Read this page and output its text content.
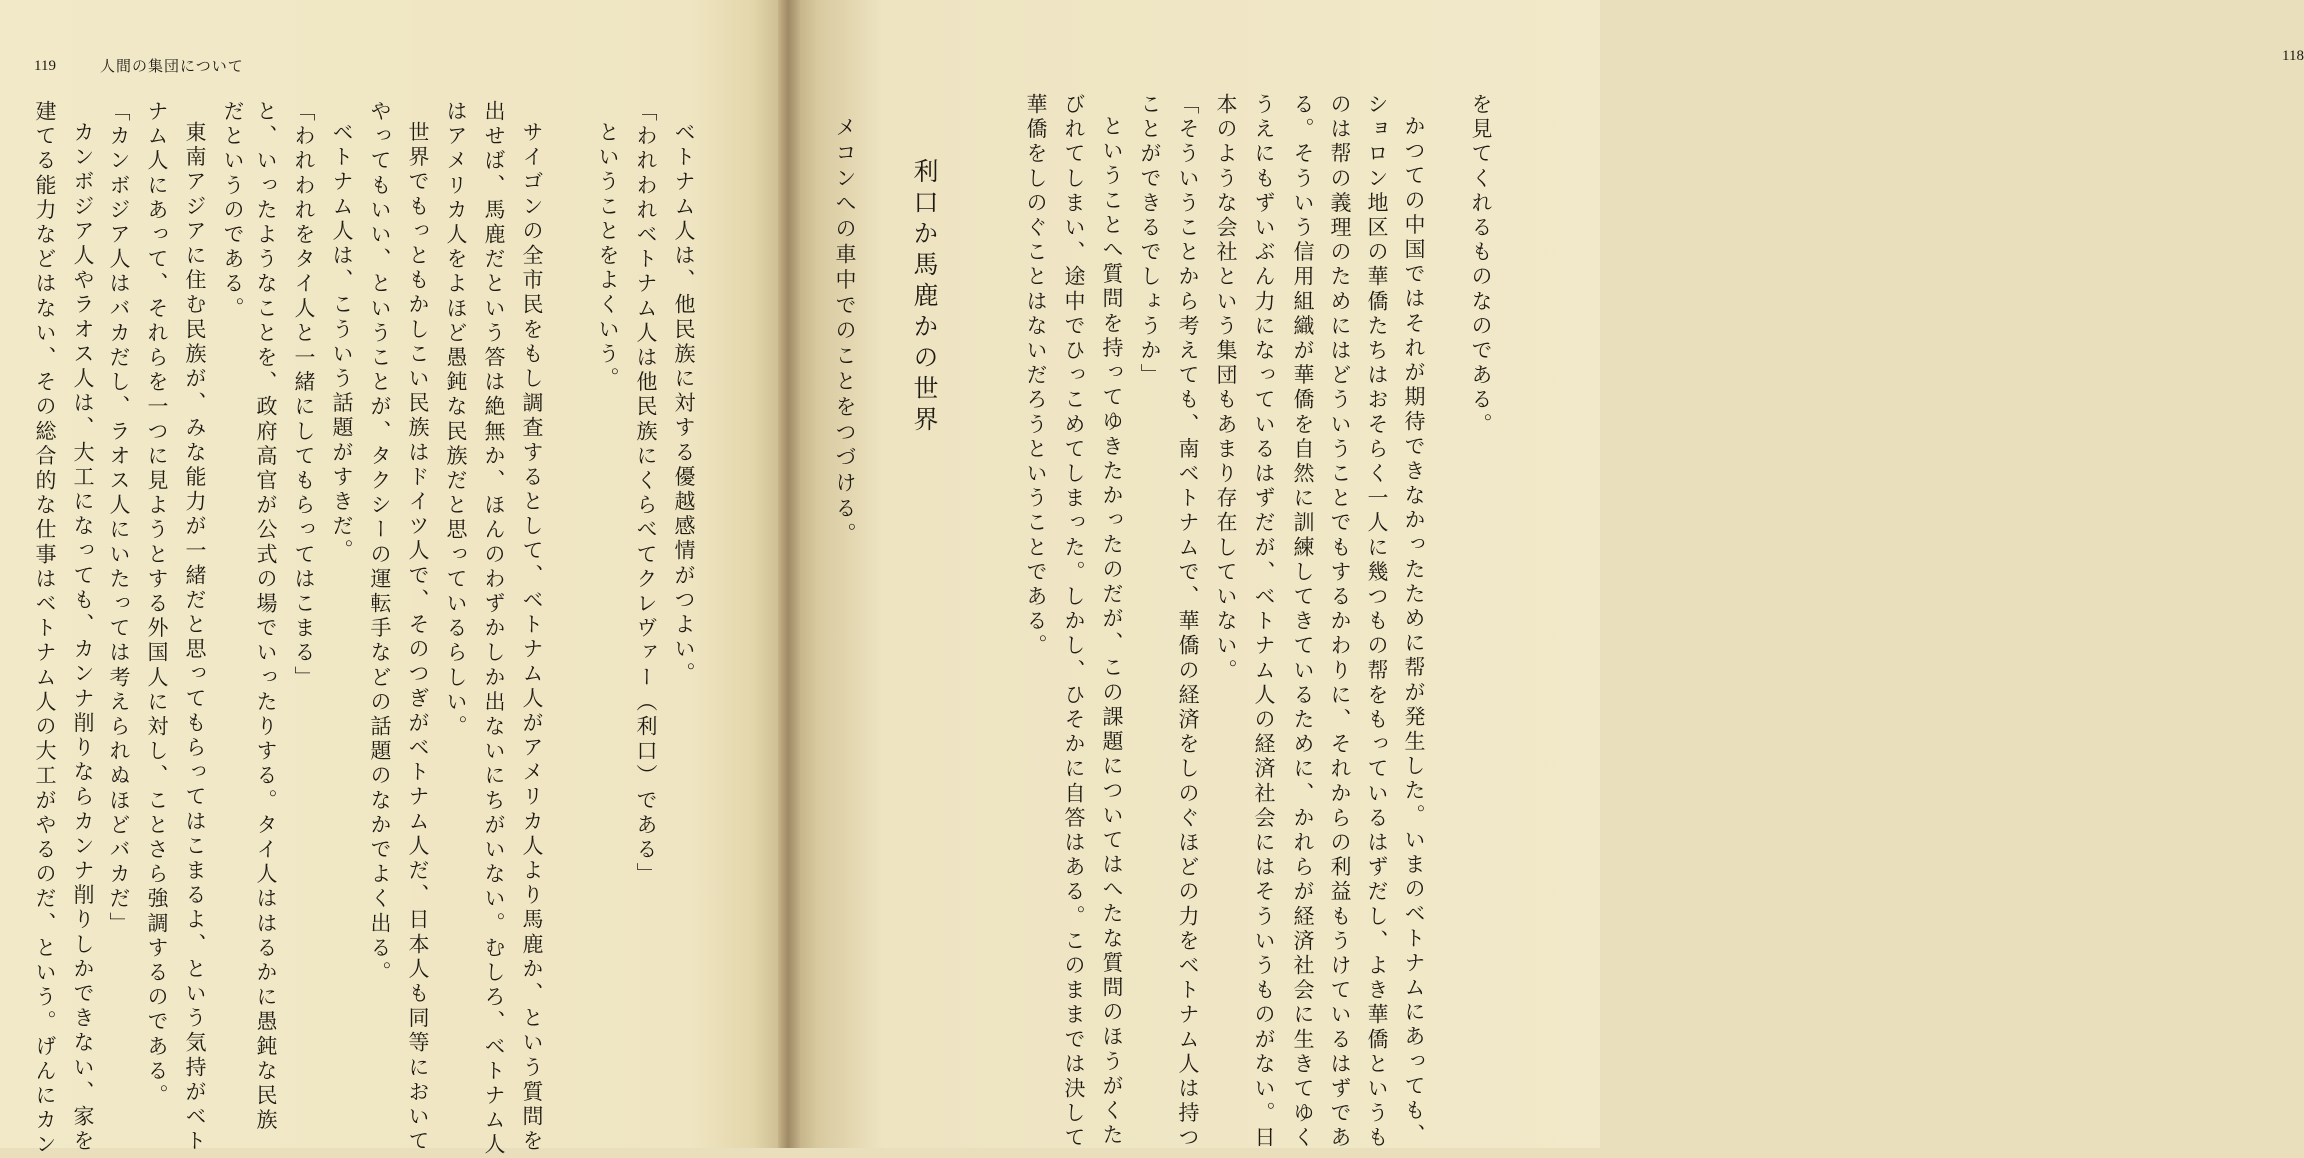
119	人間の集団について
118
を見てくれるものなのである。
かつての中国ではそれが期待できなかったために帮が発生した。いまのベトナムにあっても、
ショロン地区の華僑たちはおそらく一人に幾つもの帮をもっているはずだし、よき華僑というも
のは帮の義理のためにはどういうことでもするかわりに、それからの利益もうけているはずであ
る。そういう信用組織が華僑を自然に訓練してきているために、かれらが経済社会に生きてゆく
うえにもずいぶん力になっているはずだが、ベトナム人の経済社会にはそういうものがない。日
本のような会社という集団もあまり存在していない。
「そういうことから考えても、南ベトナムで、華僑の経済をしのぐほどの力をベトナム人は持つ
ことができるでしょうか」
ということへ質問を持ってゆきたかったのだが、この課題についてはへたな質問のほうがくた
びれてしまい、途中でひっこめてしまった。しかし、ひそかに自答はある。このままでは決して
華僑をしのぐことはないだろうということである。
利口か馬鹿かの世界
メコンへの車中でのことをつづける。
ベトナム人は、他民族に対する優越感情がつよい。
「われわれベトナム人は他民族にくらべてクレヴァー（利口）である」
ということをよくいう。
サイゴンの全市民をもし調査するとして、ベトナム人がアメリカ人より馬鹿か、という質問を
出せば、馬鹿だという答は絶無か、ほんのわずかしか出ないにちがいない。むしろ、ベトナム人
はアメリカ人をよほど愚鈍な民族だと思っているらしい。
世界でもっともかしこい民族はドイツ人で、そのつぎがベトナム人だ、日本人も同等において
やってもいい、ということが、タクシーの運転手などの話題のなかでよく出る。
ベトナム人は、こういう話題がすきだ。
「われわれをタイ人と一緒にしてもらってはこまる」
と、いったようなことを、政府高官が公式の場でいったりする。タイ人ははるかに愚鈍な民族
だというのである。
東南アジアに住む民族が、みな能力が一緒だと思ってもらってはこまるよ、という気持がベト
ナム人にあって、それらを一つに見ようとする外国人に対し、ことさら強調するのである。
「カンボジア人はバカだし、ラオス人にいたっては考えられぬほどバカだ」
カンボジア人やラオス人は、大工になっても、カンナ削りならカンナ削りしかできない、家を
建てる能力などはない、その総合的な仕事はベトナム人の大工がやるのだ、という。げんにカン
